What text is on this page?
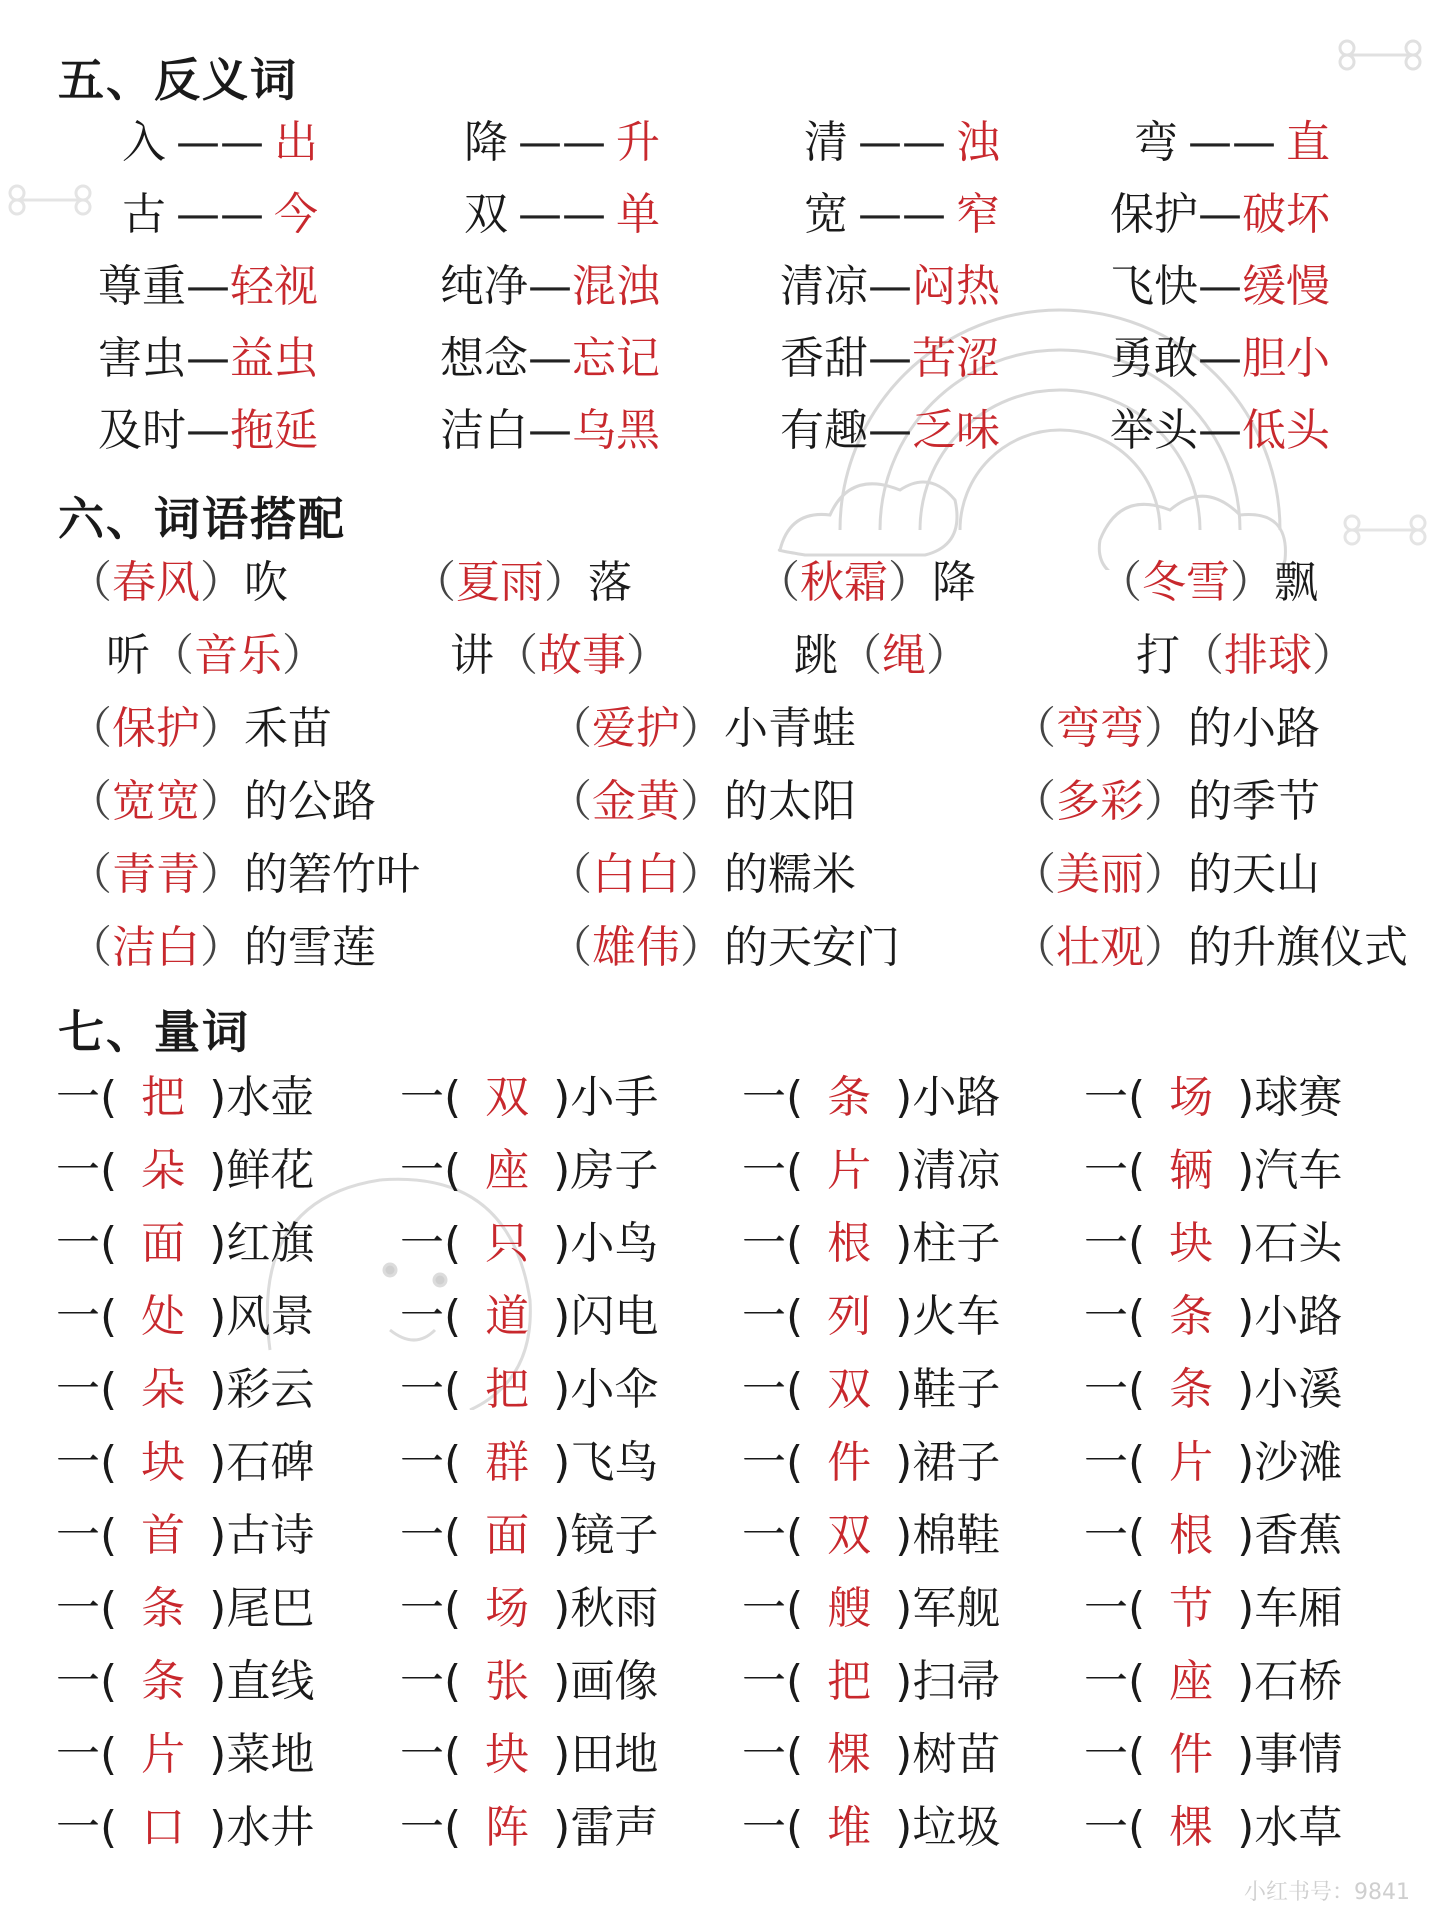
五、反义词
入 —— 出	降 —— 升	清 —— 浊	弯 —— 直
古 —— 今	双 —— 单	宽 —— 窄	保护—破坏
尊重—轻视	纯净—混浊	清凉—闷热	飞快—缓慢
害虫—益虫	想念—忘记	香甜—苦涩	勇敢—胆小
及时—拖延	洁白—乌黑	有趣—乏味	举头—低头
六、词语搭配
（春风）吹	（夏雨）落	（秋霜）降	（冬雪）飘
听（音乐）	讲（故事）	跳（绳）	打（排球）
（保护）禾苗	（爱护）小青蛙	（弯弯）的小路
（宽宽）的公路	（金黄）的太阳	（多彩）的季节
（青青）的箬竹叶	（白白）的糯米	（美丽）的天山
（洁白）的雪莲	（雄伟）的天安门	（壮观）的升旗仪式
七、量词
一( 把 )水壶 一( 双 )小手 一( 条 )小路 一( 场 )球赛
一( 朵 )鲜花 一( 座 )房子 一( 片 )清凉 一( 辆 )汽车
一( 面 )红旗 一( 只 )小鸟 一( 根 )柱子 一( 块 )石头
一( 处 )风景 一( 道 )闪电 一( 列 )火车 一( 条 )小路
一( 朵 )彩云 一( 把 )小伞 一( 双 )鞋子 一( 条 )小溪
一( 块 )石碑 一( 群 )飞鸟 一( 件 )裙子 一( 片 )沙滩
一( 首 )古诗 一( 面 )镜子 一( 双 )棉鞋 一( 根 )香蕉
一( 条 )尾巴 一( 场 )秋雨 一( 艘 )军舰 一( 节 )车厢
一( 条 )直线 一( 张 )画像 一( 把 )扫帚 一( 座 )石桥
一( 片 )菜地 一( 块 )田地 一( 棵 )树苗 一( 件 )事情
一( 口 )水井 一( 阵 )雷声 一( 堆 )垃圾 一( 棵 )水草
小红书号：9841
